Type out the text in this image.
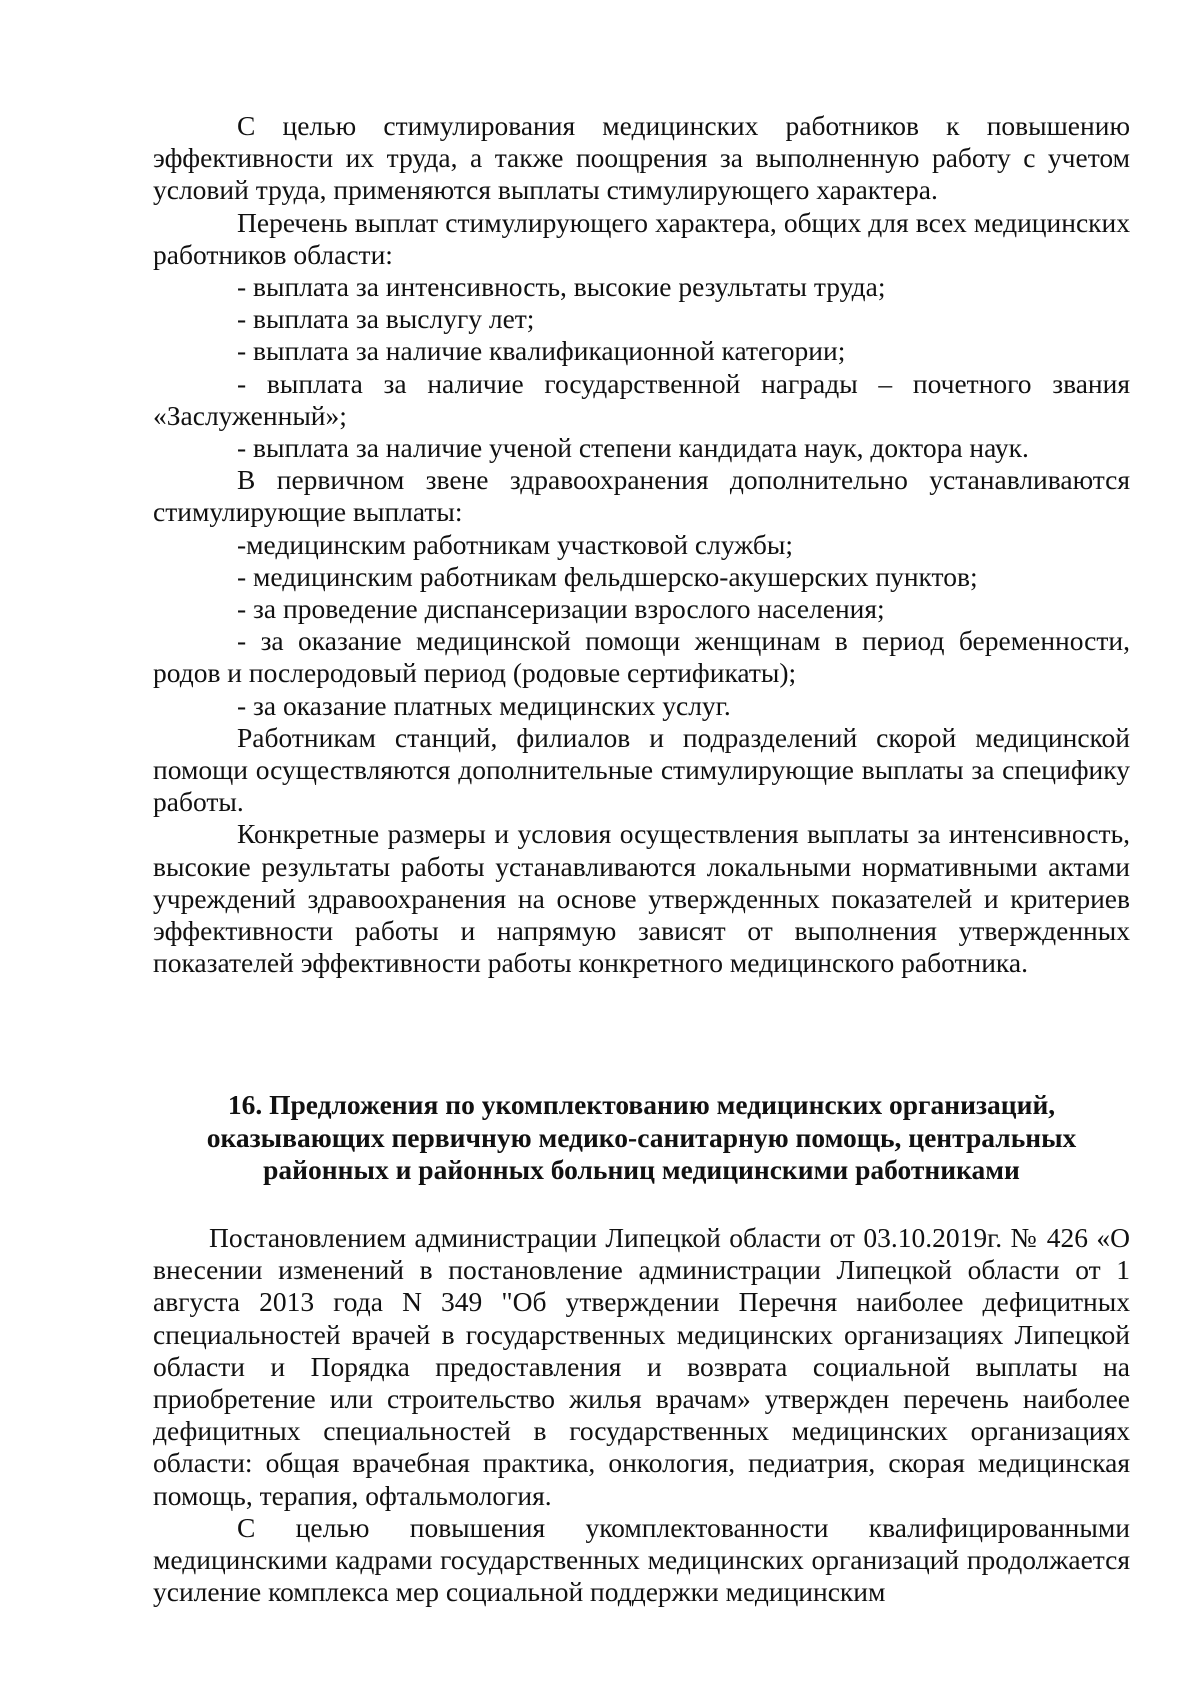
С целью стимулирования медицинских работников к повышению эффективности их труда, а также поощрения за выполненную работу с учетом условий труда, применяются выплаты стимулирующего характера.

Перечень выплат стимулирующего характера, общих для всех медицинских работников области:

- выплата за интенсивность, высокие результаты труда;

- выплата за выслугу лет;

- выплата за наличие квалификационной категории;

- выплата за наличие государственной награды – почетного звания «Заслуженный»;

- выплата за наличие ученой степени кандидата наук, доктора наук.

В первичном звене здравоохранения дополнительно устанавливаются стимулирующие выплаты:

-медицинским работникам участковой службы;

- медицинским работникам фельдшерско-акушерских пунктов;

- за проведение диспансеризации взрослого населения;

- за оказание медицинской помощи женщинам в период беременности, родов и послеродовый период (родовые сертификаты);

- за оказание платных медицинских услуг.

Работникам станций, филиалов и подразделений скорой медицинской помощи осуществляются дополнительные стимулирующие выплаты за специфику работы.

Конкретные размеры и условия осуществления выплаты за интенсивность, высокие результаты работы устанавливаются локальными нормативными актами учреждений здравоохранения на основе утвержденных показателей и критериев эффективности работы и напрямую зависят от выполнения утвержденных показателей эффективности работы конкретного медицинского работника.

16. Предложения по укомплектованию медицинских организаций,
оказывающих первичную медико-санитарную помощь, центральных
районных и районных больниц медицинскими работниками

Постановлением администрации Липецкой области от 03.10.2019г. № 426 «О внесении изменений в постановление администрации Липецкой области от 1 августа 2013 года N 349 "Об утверждении Перечня наиболее дефицитных специальностей врачей в государственных медицинских организациях Липецкой области и Порядка предоставления и возврата социальной выплаты на приобретение или строительство жилья врачам» утвержден перечень наиболее дефицитных специальностей в государственных медицинских организациях области: общая врачебная практика, онкология, педиатрия, скорая медицинская помощь, терапия, офтальмология.

С целью повышения укомплектованности квалифицированными медицинскими кадрами государственных медицинских организаций продолжается усиление комплекса мер социальной поддержки медицинским
